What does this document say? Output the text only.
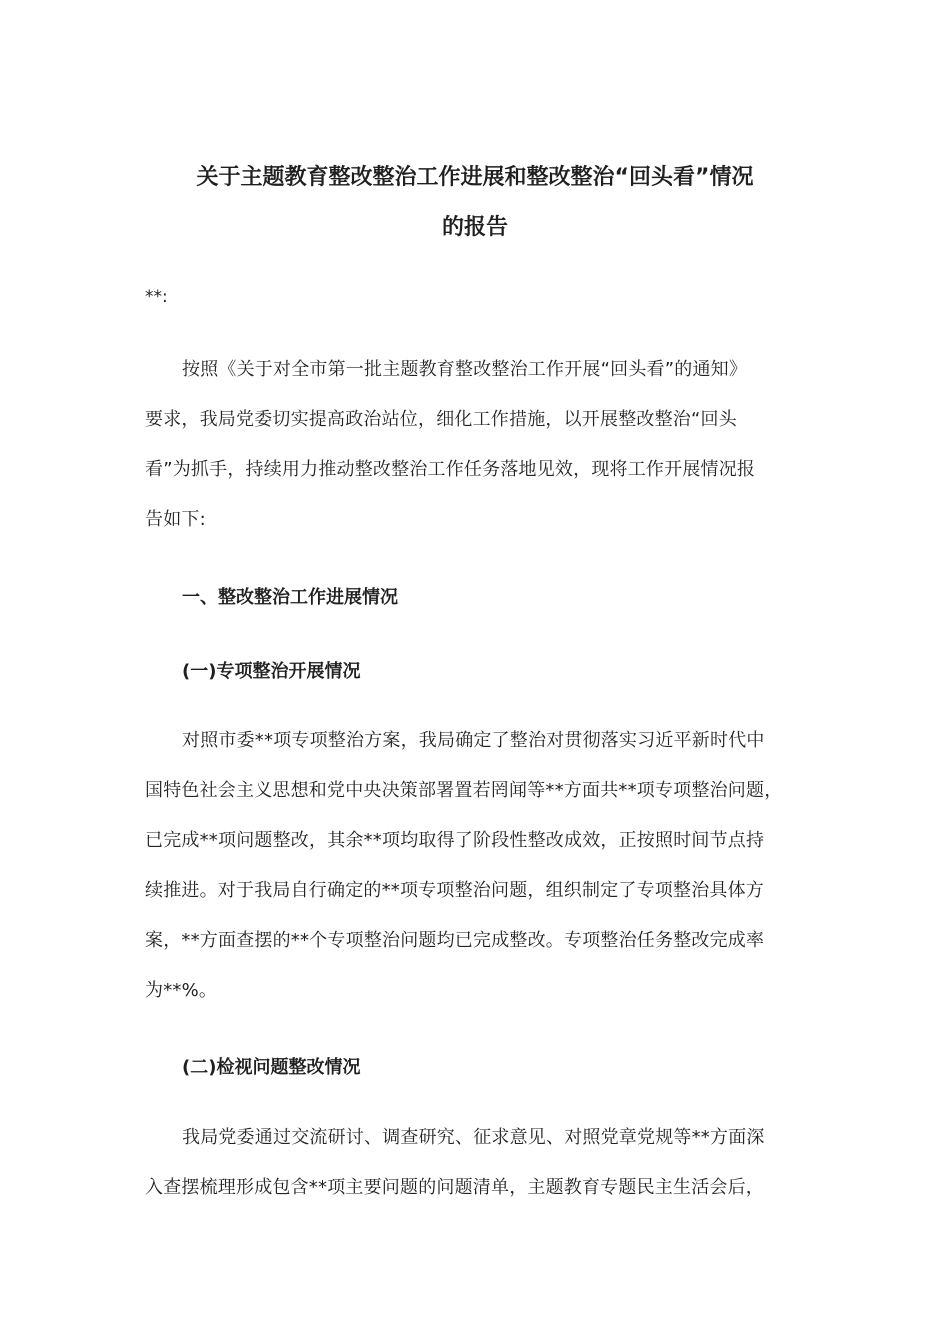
关于主题教育整改整治工作进展和整改整治“回头看”情况
的报告
**:
按照《关于对全市第一批主题教育整改整治工作开展“回头看”的通知》
要求，我局党委切实提高政治站位，细化工作措施，以开展整改整治“回头
看”为抓手，持续用力推动整改整治工作任务落地见效，现将工作开展情况报
告如下:
一、整改整治工作进展情况
(一)专项整治开展情况
对照市委**项专项整治方案，我局确定了整治对贯彻落实习近平新时代中
国特色社会主义思想和党中央决策部署置若罔闻等**方面共**项专项整治问题，
已完成**项问题整改，其余**项均取得了阶段性整改成效，正按照时间节点持
续推进。对于我局自行确定的**项专项整治问题，组织制定了专项整治具体方
案，**方面查摆的**个专项整治问题均已完成整改。专项整治任务整改完成率
为**%。
(二)检视问题整改情况
我局党委通过交流研讨、调查研究、征求意见、对照党章党规等**方面深
入查摆梳理形成包含**项主要问题的问题清单，主题教育专题民主生活会后，
